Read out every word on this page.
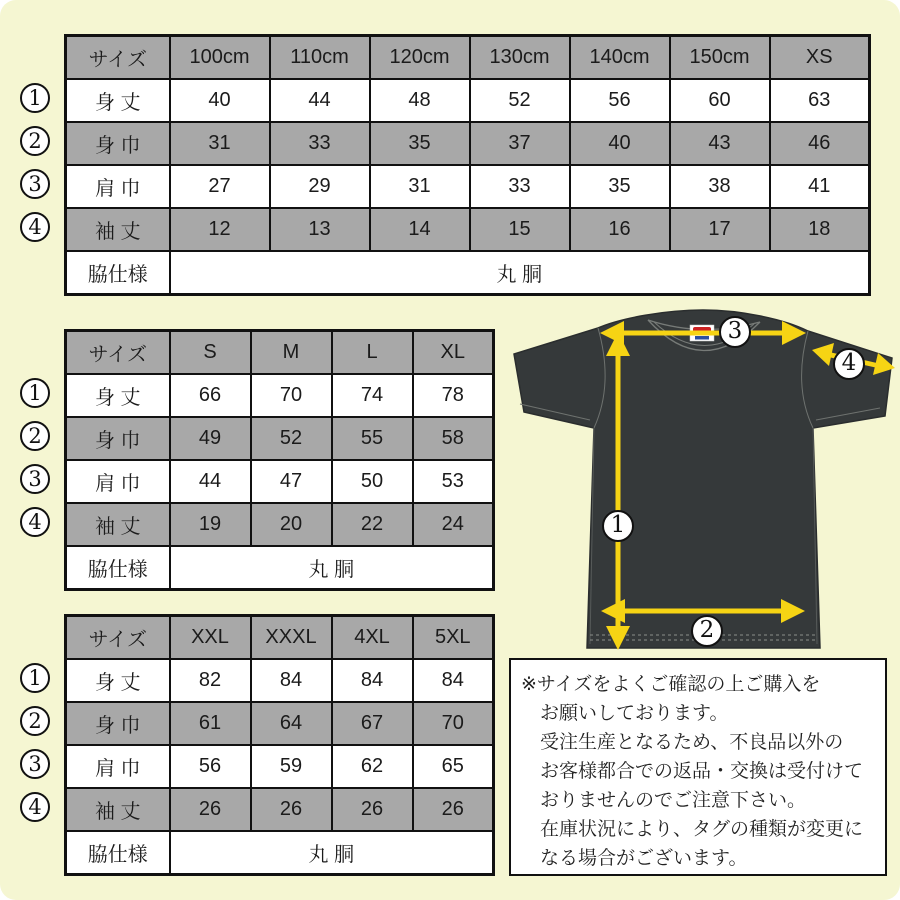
1
2
3
4
サイズ	100cm	110cm	120cm	130cm	140cm	150cm	XS
身 丈	40	44	48	52	56	60	63
身 巾	31	33	35	37	40	43	46
肩 巾	27	29	31	33	35	38	41
袖 丈	12	13	14	15	16	17	18
脇仕様	丸 胴						
1
2
3
4
サイズ	S	M	L	XL
身 丈	66	70	74	78
身 巾	49	52	55	58
肩 巾	44	47	50	53
袖 丈	19	20	22	24
脇仕様	丸 胴			
1
2
3
4
サイズ	XXL	XXXL	4XL	5XL
身 丈	82	84	84	84
身 巾	61	64	67	70
肩 巾	56	59	62	65
袖 丈	26	26	26	26
脇仕様	丸 胴			
1
2
3
4

※サイズをよくご確認の上ご購入を

お願いしております。

受注生産となるため、不良品以外の

お客様都合での返品・交換は受付けて

おりませんのでご注意下さい。

在庫状況により、タグの種類が変更に

なる場合がございます。
